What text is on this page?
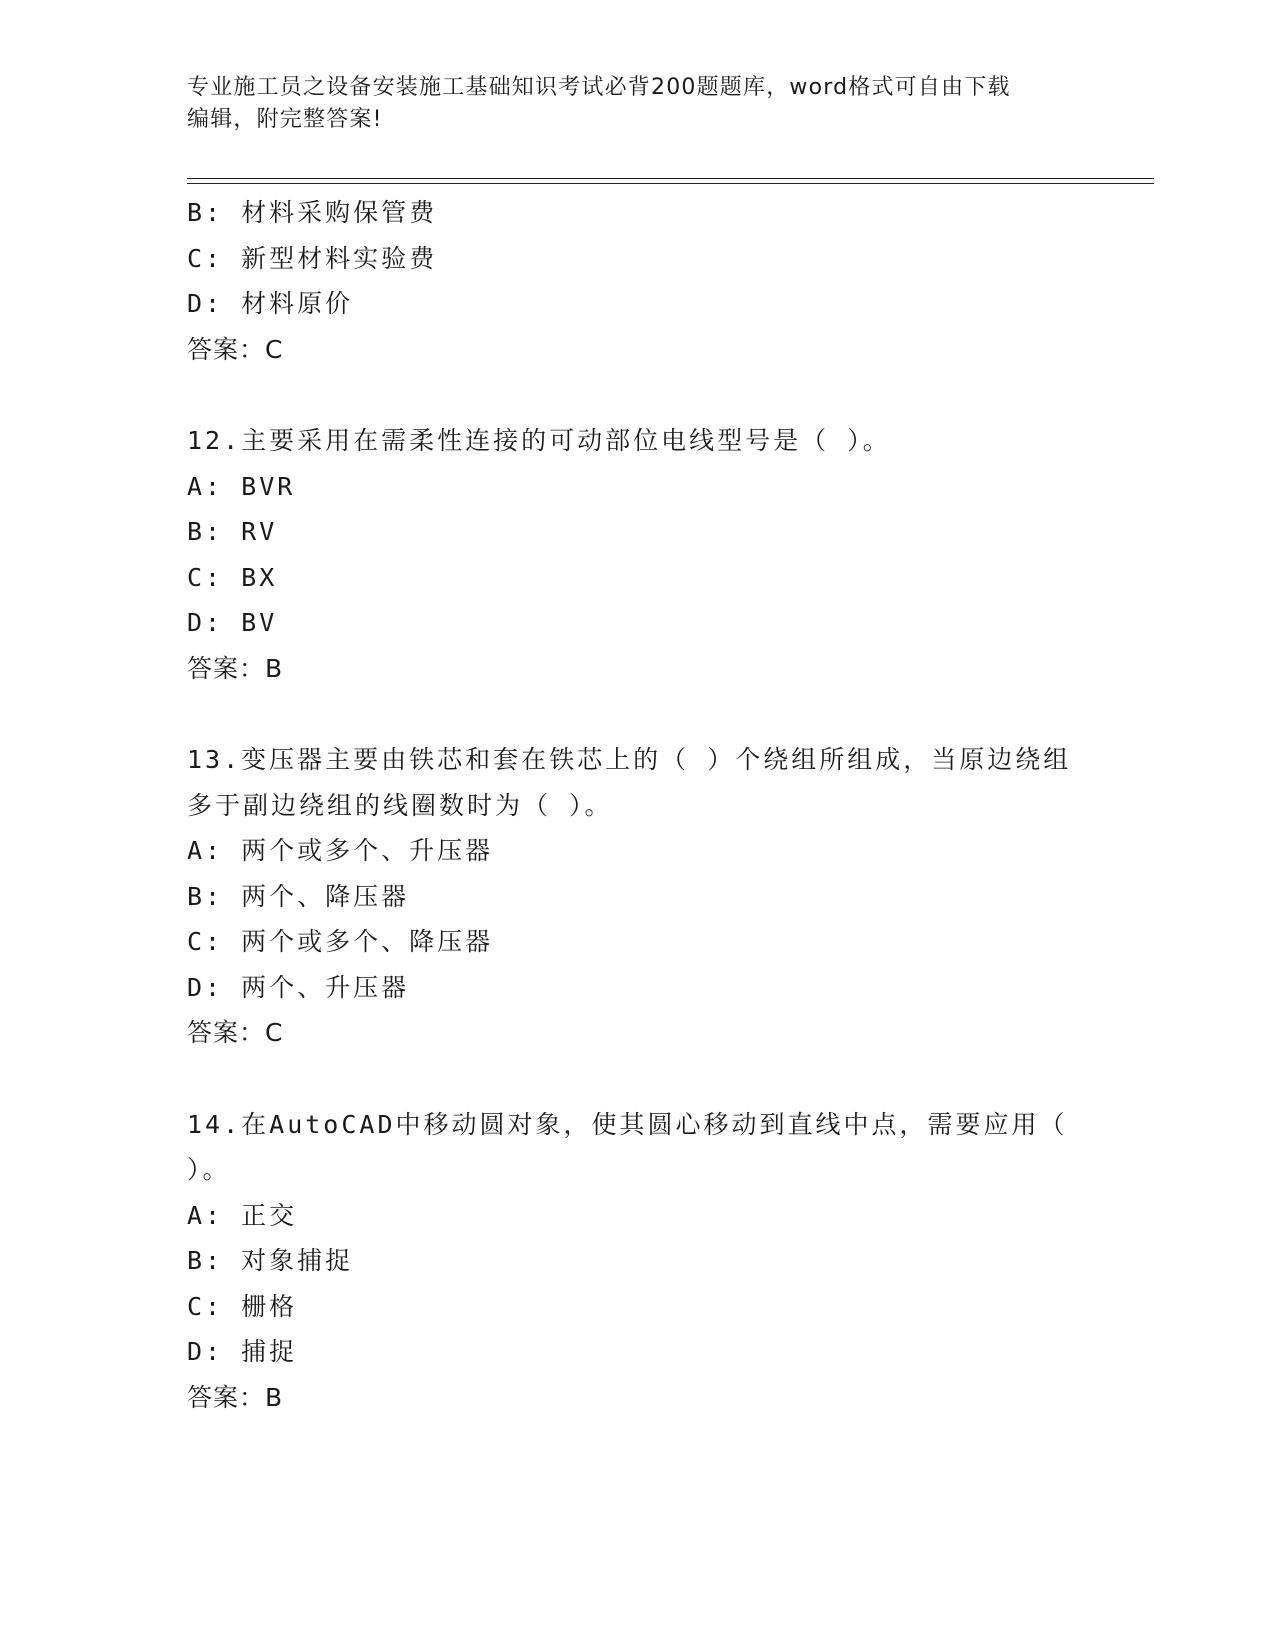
专业施工员之设备安装施工基础知识考试必背200题题库，word格式可自由下载
编辑，附完整答案!
B: 材料采购保管费
C: 新型材料实验费
D: 材料原价
答案：C
12.主要采用在需柔性连接的可动部位电线型号是（ ）。
A: BVR
B: RV
C: BX
D: BV
答案：B
13.变压器主要由铁芯和套在铁芯上的（ ）个绕组所组成，当原边绕组多于副边绕组的线圈数时为（ ）。
A: 两个或多个、升压器
B: 两个、降压器
C: 两个或多个、降压器
D: 两个、升压器
答案：C
14.在AutoCAD中移动圆对象，使其圆心移动到直线中点，需要应用（ ）。
A: 正交
B: 对象捕捉
C: 栅格
D: 捕捉
答案：B
